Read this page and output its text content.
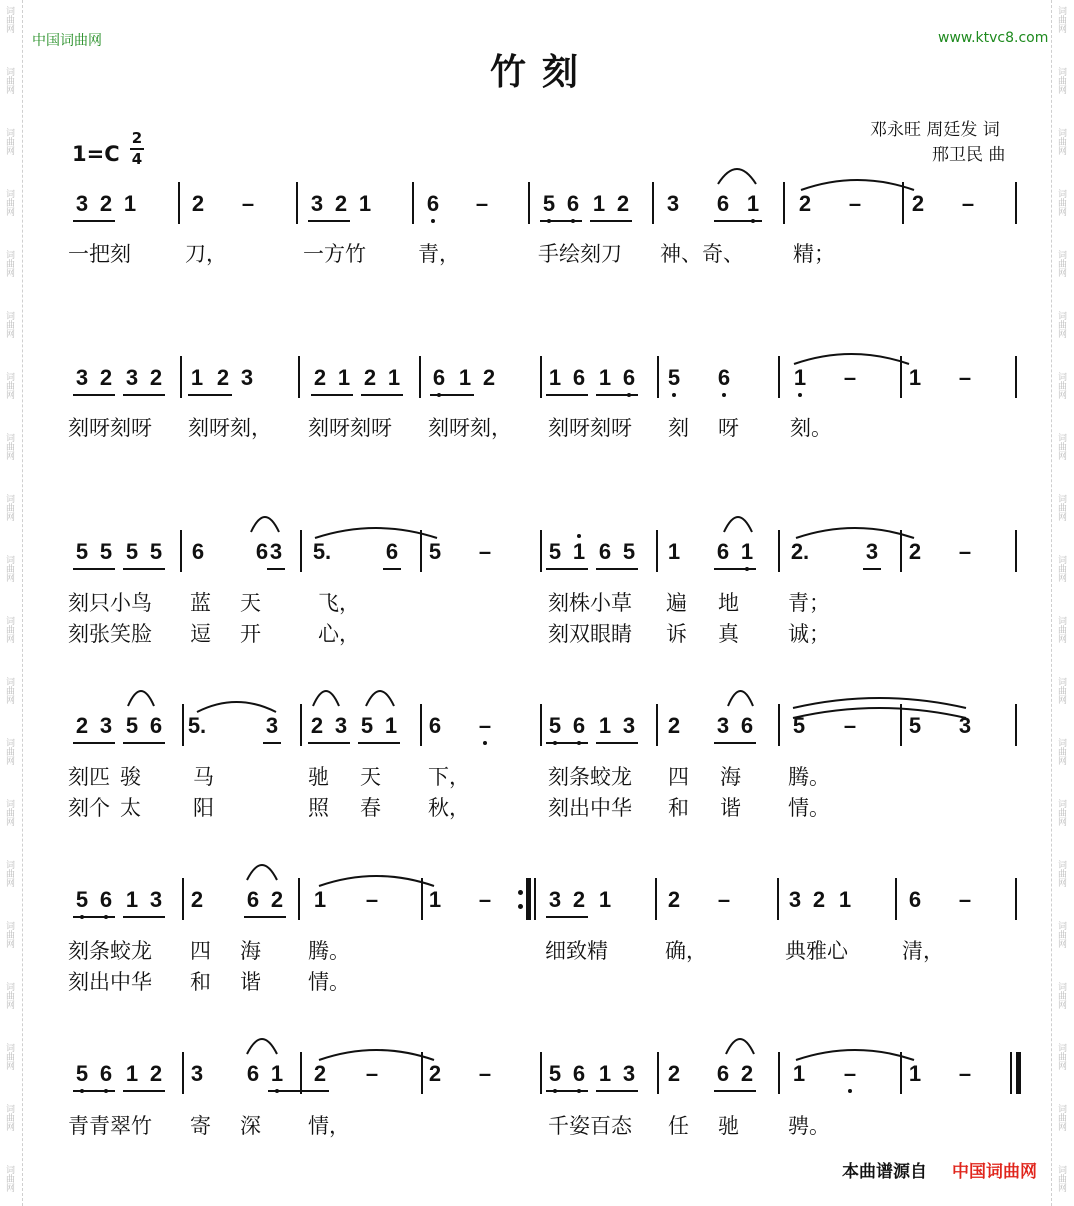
词曲网
词曲网
词曲网
词曲网
词曲网
词曲网
词曲网
词曲网
词曲网
词曲网
词曲网
词曲网
词曲网
词曲网
词曲网
词曲网
词曲网
词曲网
词曲网
词曲网
词曲网
词曲网
词曲网
词曲网
词曲网
词曲网
词曲网
词曲网
词曲网
词曲网
词曲网
词曲网
词曲网
词曲网
词曲网
词曲网
词曲网
词曲网
词曲网
词曲网
中国词曲网	www.ktvc8.com
竹刻
邓永旺 周廷发 词
邢卫民 曲
1=C
2
4
3 2 1	2 –	3 2 1	6 – 5 6 1 2 3 6 1 2 – 2 –
3 2 3 2 1 2 3	2 1 2 1 6 1 2 1 6 1 6 5 6	1 – 1 –
5 5 5 5 6 6 3 5. 6 5 –	5 1 6 5 1 6 1 2.	3 2 –
2 3 5 6 5.	3 2 3 5 1 6 –	5 6 1 3 2 3 6 5 – 5 3
5 6 1 3 2 6 2 1 – 1 –	3 2 1	2 –	3 2 1	6 –
5 6 1 2 3 6 1 2 – 2 –	5 6 1 3 2 6 2 1 – 1 –
本曲谱源自 中国词曲网
一把刻	刀，	一方竹 青，	手绘刻刀 神、奇、 精；
刻呀刻呀 刻呀刻， 刻呀刻呀 刻呀刻， 刻呀刻呀 刻 呀 刻。
刻只小鸟 蓝 天	飞，	刻株小草 遍 地 青；
刻张笑脸 逗 开	心，	刻双眼睛 诉 真 诚；
刻匹 骏 马	驰 天 下，	刻条蛟龙 四 海 腾。
刻个 太 阳	照 春 秋，	刻出中华 和 谐 情。
刻条蛟龙 四 海 腾。	细致精	确，	典雅心	清，
刻出中华 和 谐 情。
青青翠竹 寄 深 情，	千姿百态 任 驰 骋。
